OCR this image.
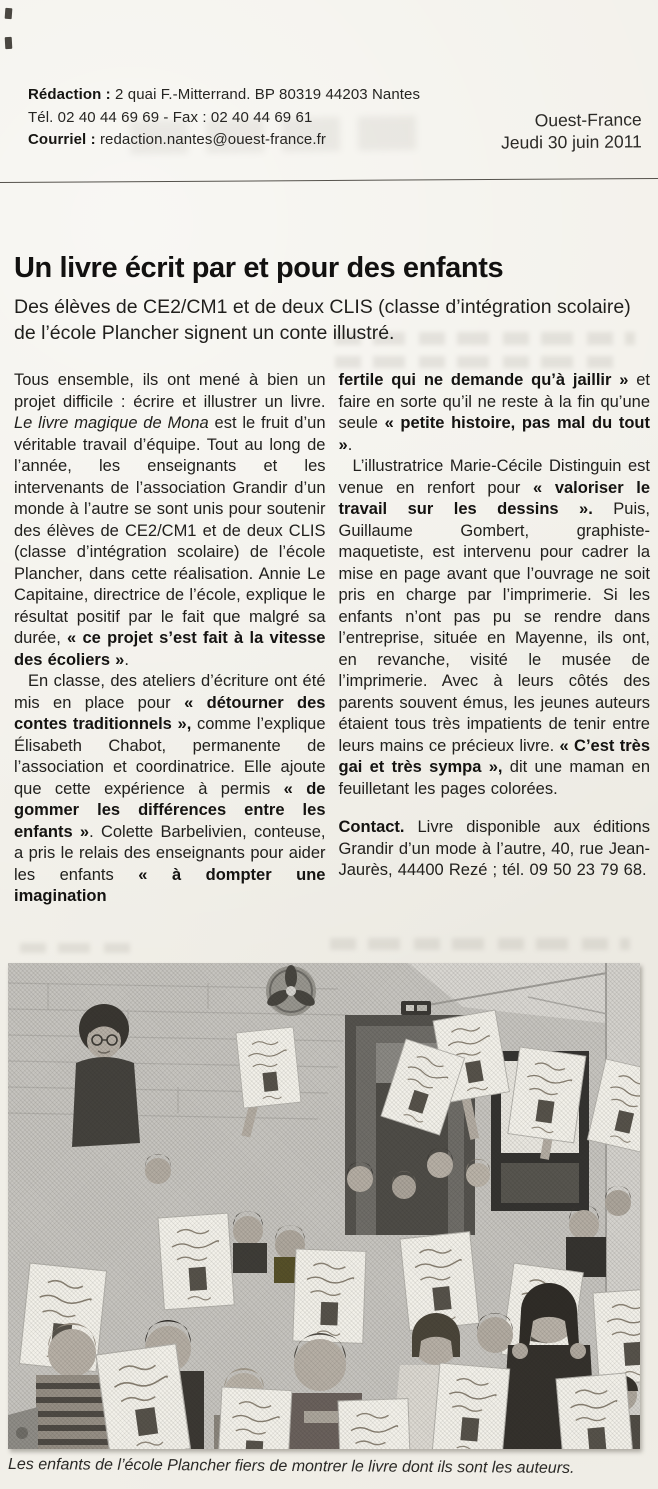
Rédaction : 2 quai F.-Mitterrand. BP 80319 44203 Nantes
Tél. 02 40 44 69 69 - Fax : 02 40 44 69 61
Courriel : redaction.nantes@ouest-france.fr
Ouest-France
Jeudi 30 juin 2011
Un livre écrit par et pour des enfants

Des élèves de CE2/CM1 et de deux CLIS (classe d’intégration scolaire) de l’école Plancher signent un conte illustré.

Tous ensemble, ils ont mené à bien un projet difficile : écrire et illustrer un livre. Le livre magique de Mona est le fruit d’un véritable travail d’équipe. Tout au long de l’année, les enseignants et les intervenants de l’association Grandir d’un monde à l’autre se sont unis pour soutenir des élèves de CE2/CM1 et de deux CLIS (classe d’intégration scolaire) de l’école Plancher, dans cette réalisation. Annie Le Capitaine, directrice de l’école, explique le résultat positif par le fait que malgré sa durée, « ce projet s’est fait à la vitesse des écoliers ».

En classe, des ateliers d’écriture ont été mis en place pour « détourner des contes traditionnels », comme l’explique Élisabeth Chabot, permanente de l’association et coordinatrice. Elle ajoute que cette expérience à permis « de gommer les différences entre les enfants ». Colette Barbelivien, conteuse, a pris le relais des enseignants pour aider les enfants « à dompter une imagination

fertile qui ne demande qu’à jaillir » et faire en sorte qu’il ne reste à la fin qu’une seule « petite histoire, pas mal du tout ».

L’illustratrice Marie-Cécile Distinguin est venue en renfort pour « valoriser le travail sur les dessins ». Puis, Guillaume Gombert, graphiste-maquetiste, est intervenu pour cadrer la mise en page avant que l’ouvrage ne soit pris en charge par l’imprimerie. Si les enfants n’ont pas pu se rendre dans l’entreprise, située en Mayenne, ils ont, en revanche, visité le musée de l’imprimerie. Avec à leurs côtés des parents souvent émus, les jeunes auteurs étaient tous très impatients de tenir entre leurs mains ce précieux livre. « C’est très gai et très sympa », dit une maman en feuilletant les pages colorées.

Contact. Livre disponible aux éditions Grandir d’un mode à l’autre, 40, rue Jean-Jaurès, 44400 Rezé ; tél. 09 50 23 79 68.

Les enfants de l’école Plancher fiers de montrer le livre dont ils sont les auteurs.
